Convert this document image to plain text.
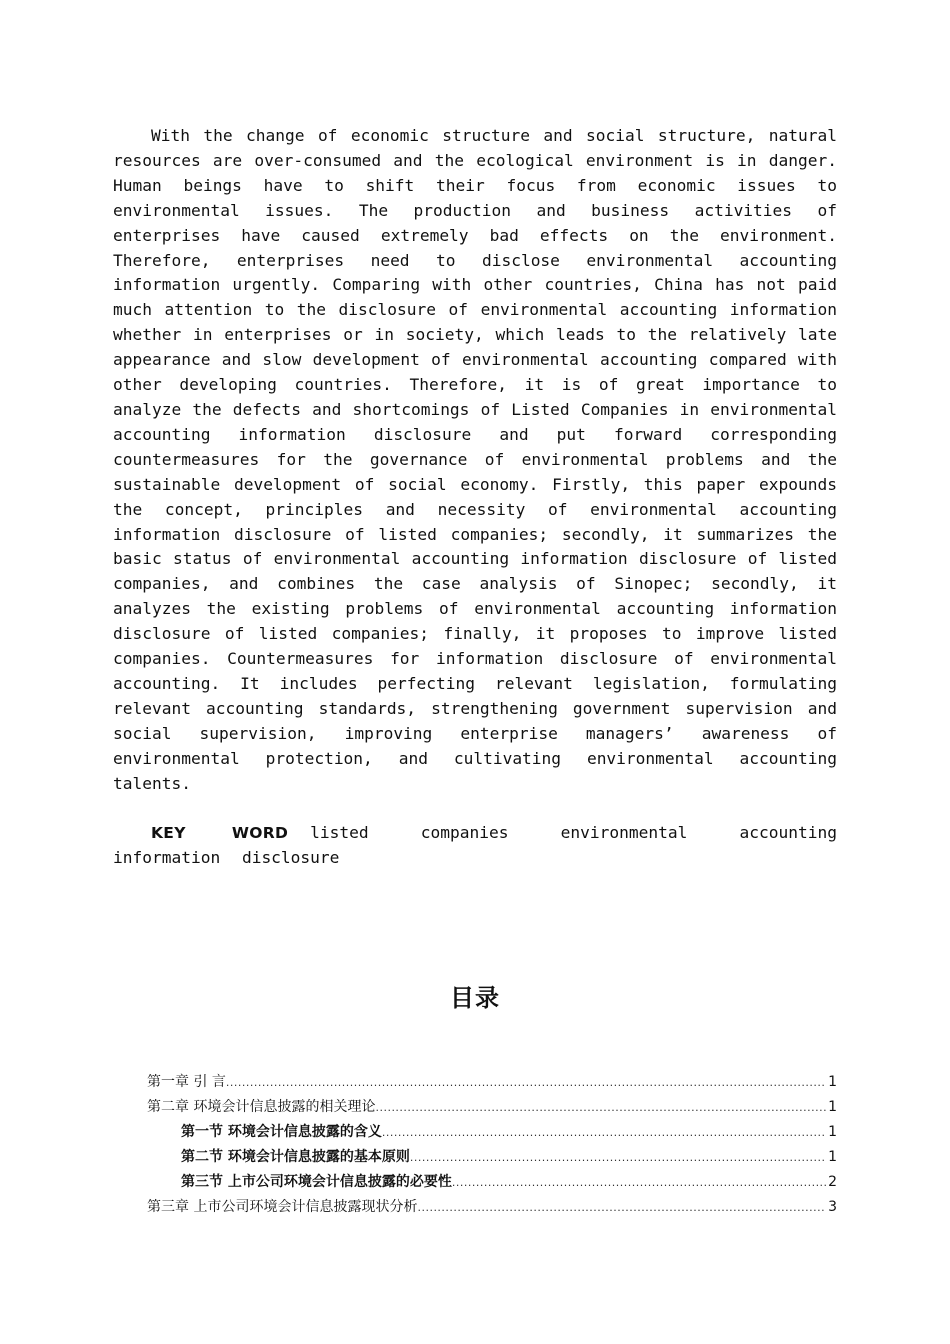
With the change of economic structure and social structure, natural resources are over-consumed and the ecological environment is in danger. Human beings have to shift their focus from economic issues to environmental issues. The production and business activities of enterprises have caused extremely bad effects on the environment. Therefore, enterprises need to disclose environmental accounting information urgently. Comparing with other countries, China has not paid much attention to the disclosure of environmental accounting information whether in enterprises or in society, which leads to the relatively late appearance and slow development of environmental accounting compared with other developing countries. Therefore, it is of great importance to analyze the defects and shortcomings of Listed Companies in environmental accounting information disclosure and put forward corresponding countermeasures for the governance of environmental problems and the sustainable development of social economy. Firstly, this paper expounds the concept, principles and necessity of environmental accounting information disclosure of listed companies; secondly, it summarizes the basic status of environmental accounting information disclosure of listed companies, and combines the case analysis of Sinopec; secondly, it analyzes the existing problems of environmental accounting information disclosure of listed companies; finally, it proposes to improve listed companies. Countermeasures for information disclosure of environmental accounting. It includes perfecting relevant legislation, formulating relevant accounting standards, strengthening government supervision and social supervision, improving enterprise managers’ awareness of environmental protection, and cultivating environmental accounting talents.

KEY WORD listed companies environmental accounting information disclosure

目录
第一章 引 言 .....	1
第二章 环境会计信息披露的相关理论 .....	1
第一节 环境会计信息披露的含义 .....	1
第二节 环境会计信息披露的基本原则 .....	1
第三节 上市公司环境会计信息披露的必要性 .....	2
第三章 上市公司环境会计信息披露现状分析 .....	3
